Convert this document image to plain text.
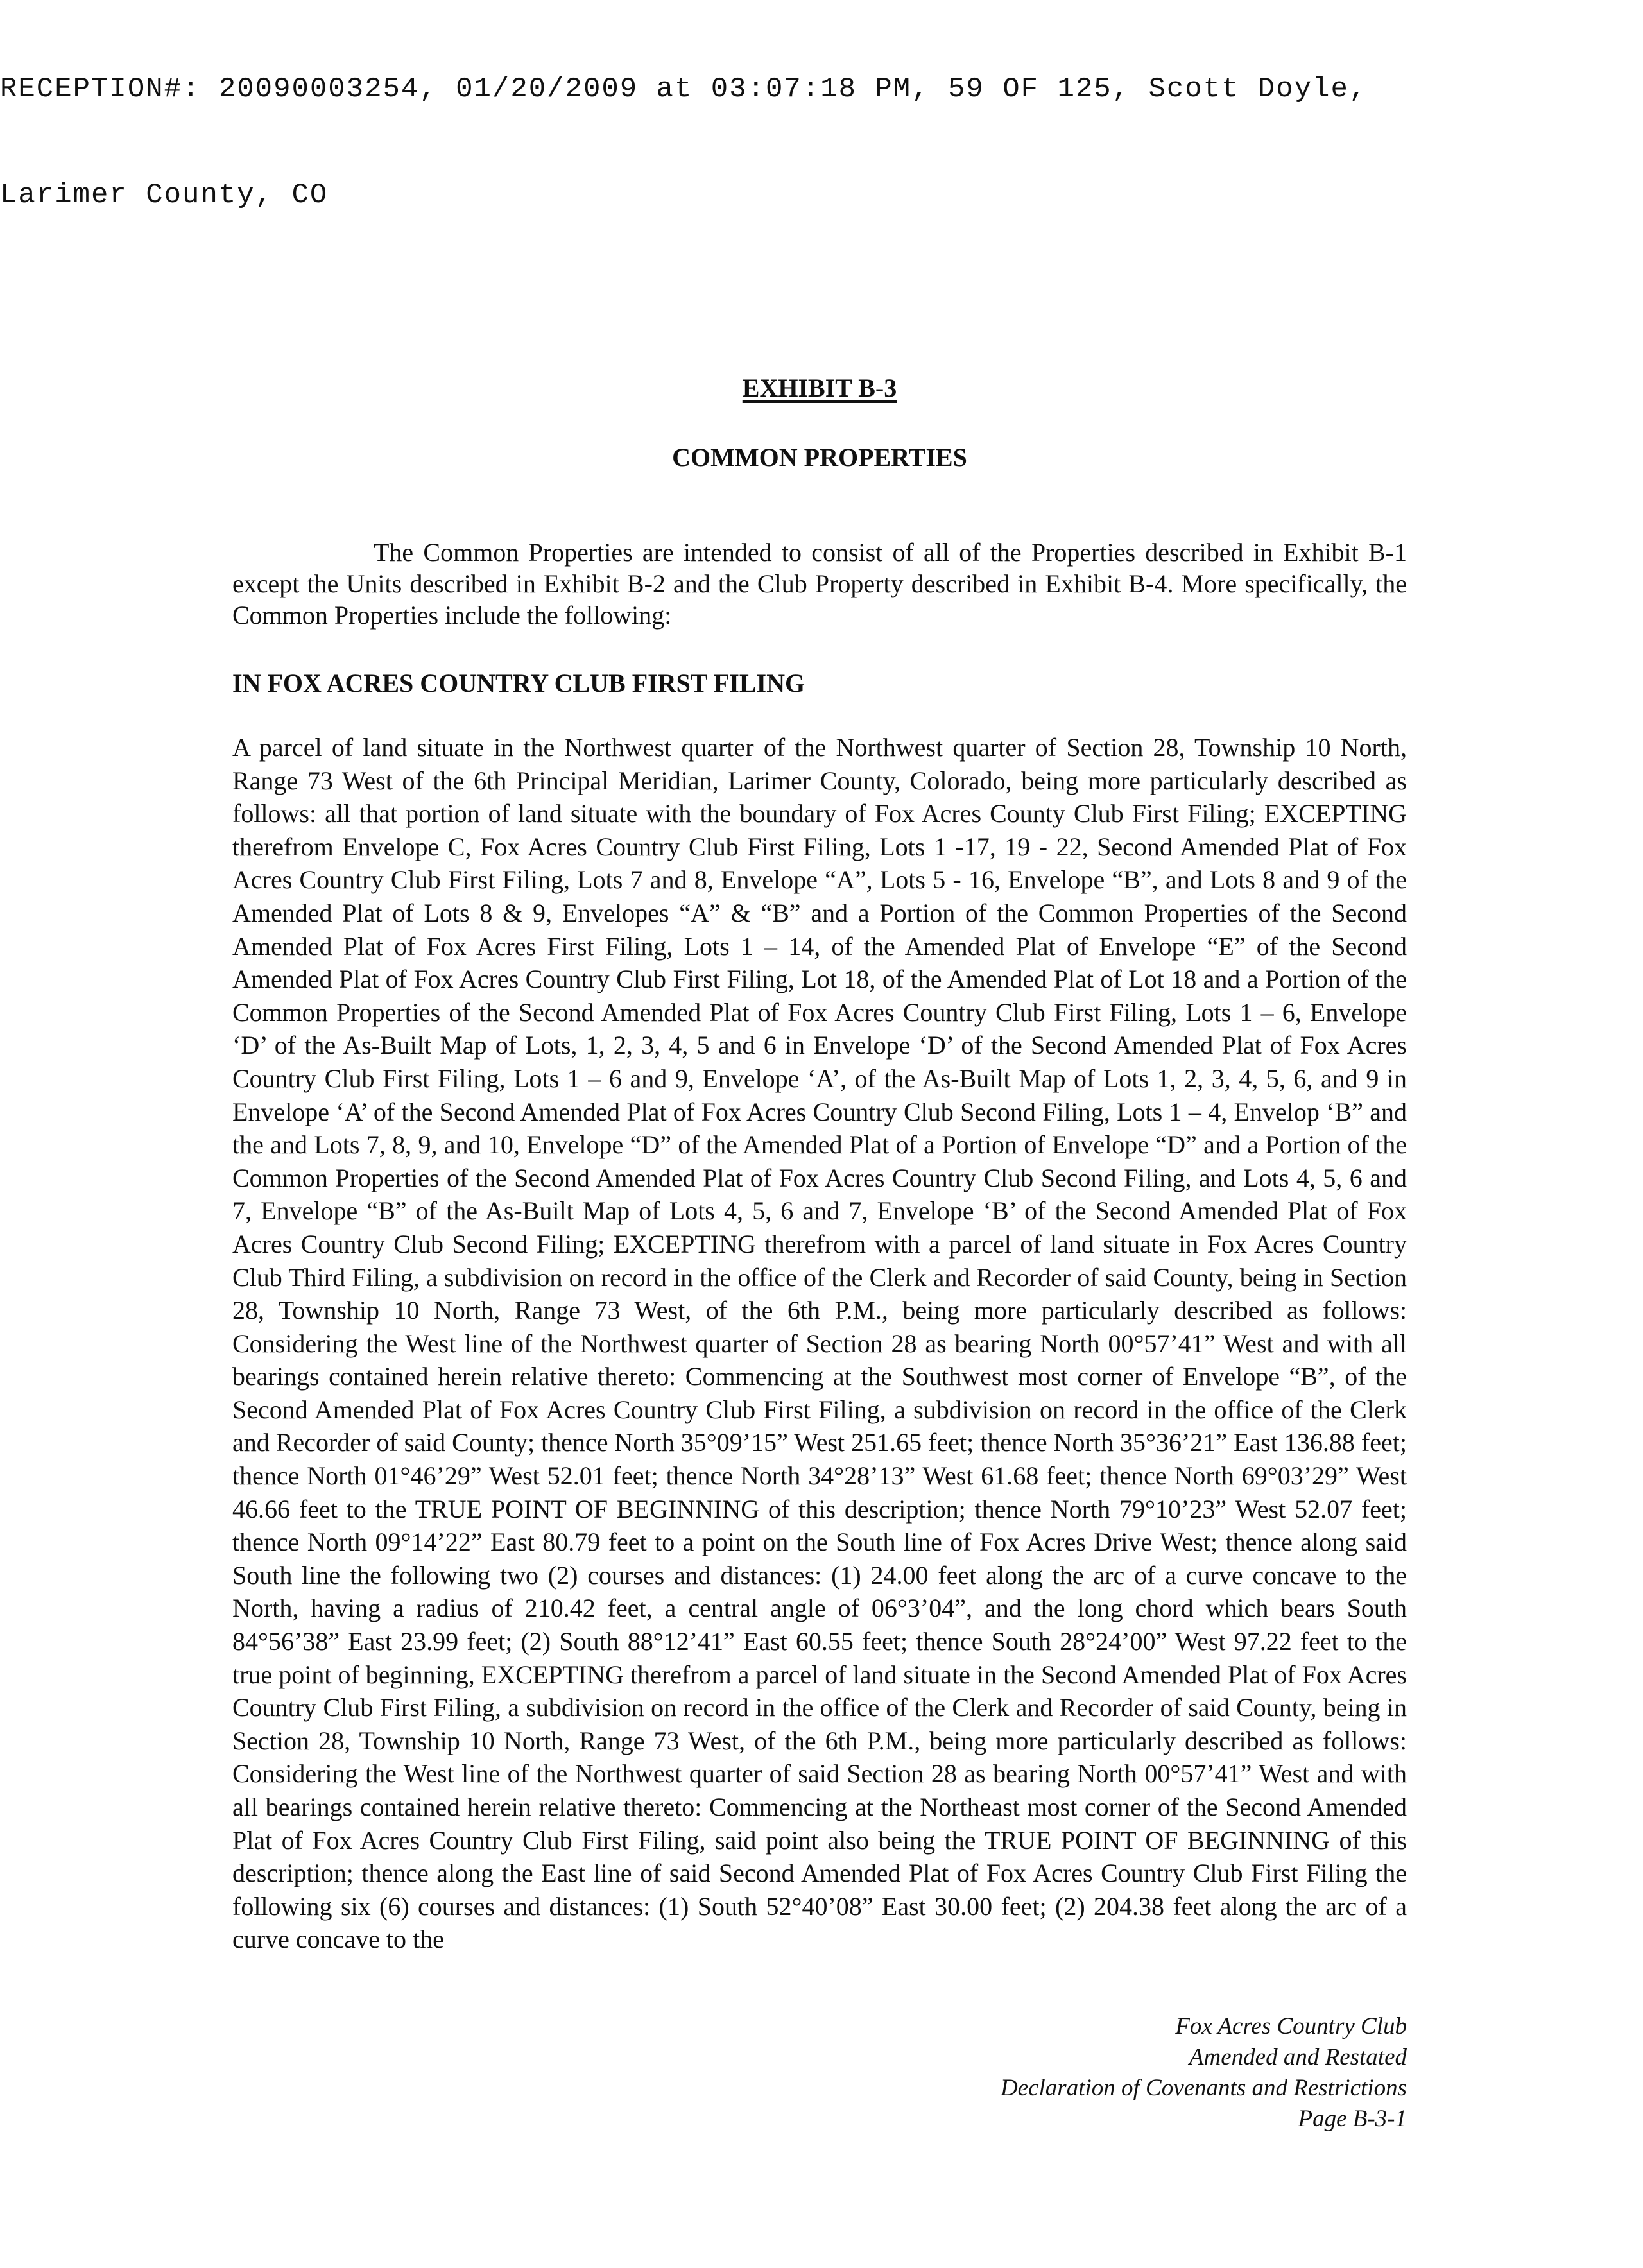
RECEPTION#: 20090003254, 01/20/2009 at 03:07:18 PM, 59 OF 125, Scott Doyle,

Larimer County, CO

EXHIBIT B-3
COMMON PROPERTIES

The Common Properties are intended to consist of all of the Properties described in Exhibit B-1 except the Units described in Exhibit B-2 and the Club Property described in Exhibit B-4. More specifically, the Common Properties include the following:

IN FOX ACRES COUNTRY CLUB FIRST FILING

A parcel of land situate in the Northwest quarter of the Northwest quarter of Section 28, Township 10 North, Range 73 West of the 6th Principal Meridian, Larimer County, Colorado, being more particularly described as follows: all that portion of land situate with the boundary of Fox Acres County Club First Filing; EXCEPTING therefrom Envelope C, Fox Acres Country Club First Filing, Lots 1 -17, 19 - 22, Second Amended Plat of Fox Acres Country Club First Filing, Lots 7 and 8, Envelope “A”, Lots 5 - 16, Envelope “B”, and Lots 8 and 9 of the Amended Plat of Lots 8 & 9, Envelopes “A” & “B” and a Portion of the Common Properties of the Second Amended Plat of Fox Acres First Filing, Lots 1 – 14, of the Amended Plat of Envelope “E” of the Second Amended Plat of Fox Acres Country Club First Filing, Lot 18, of the Amended Plat of Lot 18 and a Portion of the Common Properties of the Second Amended Plat of Fox Acres Country Club First Filing, Lots 1 – 6, Envelope ‘D’ of the As-Built Map of Lots, 1, 2, 3, 4, 5 and 6 in Envelope ‘D’ of the Second Amended Plat of Fox Acres Country Club First Filing, Lots 1 – 6 and 9, Envelope ‘A’, of the As-Built Map of Lots 1, 2, 3, 4, 5, 6, and 9 in Envelope ‘A’ of the Second Amended Plat of Fox Acres Country Club Second Filing, Lots 1 – 4, Envelop ‘B” and the and Lots 7, 8, 9, and 10, Envelope “D” of the Amended Plat of a Portion of Envelope “D” and a Portion of the Common Properties of the Second Amended Plat of Fox Acres Country Club Second Filing, and Lots 4, 5, 6 and 7, Envelope “B” of the As-Built Map of Lots 4, 5, 6 and 7, Envelope ‘B’ of the Second Amended Plat of Fox Acres Country Club Second Filing; EXCEPTING therefrom with a parcel of land situate in Fox Acres Country Club Third Filing, a subdivision on record in the office of the Clerk and Recorder of said County, being in Section 28, Township 10 North, Range 73 West, of the 6th P.M., being more particularly described as follows: Considering the West line of the Northwest quarter of Section 28 as bearing North 00°57’41” West and with all bearings contained herein relative thereto: Commencing at the Southwest most corner of Envelope “B”, of the Second Amended Plat of Fox Acres Country Club First Filing, a subdivision on record in the office of the Clerk and Recorder of said County; thence North 35°09’15” West 251.65 feet; thence North 35°36’21” East 136.88 feet; thence North 01°46’29” West 52.01 feet; thence North 34°28’13” West 61.68 feet; thence North 69°03’29” West 46.66 feet to the TRUE POINT OF BEGINNING of this description; thence North 79°10’23” West 52.07 feet; thence North 09°14’22” East 80.79 feet to a point on the South line of Fox Acres Drive West; thence along said South line the following two (2) courses and distances: (1) 24.00 feet along the arc of a curve concave to the North, having a radius of 210.42 feet, a central angle of 06°3’04”, and the long chord which bears South 84°56’38” East 23.99 feet; (2) South 88°12’41” East 60.55 feet; thence South 28°24’00” West 97.22 feet to the true point of beginning, EXCEPTING therefrom a parcel of land situate in the Second Amended Plat of Fox Acres Country Club First Filing, a subdivision on record in the office of the Clerk and Recorder of said County, being in Section 28, Township 10 North, Range 73 West, of the 6th P.M., being more particularly described as follows: Considering the West line of the Northwest quarter of said Section 28 as bearing North 00°57’41” West and with all bearings contained herein relative thereto: Commencing at the Northeast most corner of the Second Amended Plat of Fox Acres Country Club First Filing, said point also being the TRUE POINT OF BEGINNING of this description; thence along the East line of said Second Amended Plat of Fox Acres Country Club First Filing the following six (6) courses and distances: (1) South 52°40’08” East 30.00 feet; (2) 204.38 feet along the arc of a curve concave to the

Fox Acres Country Club
Amended and Restated
Declaration of Covenants and Restrictions
Page B-3-1
